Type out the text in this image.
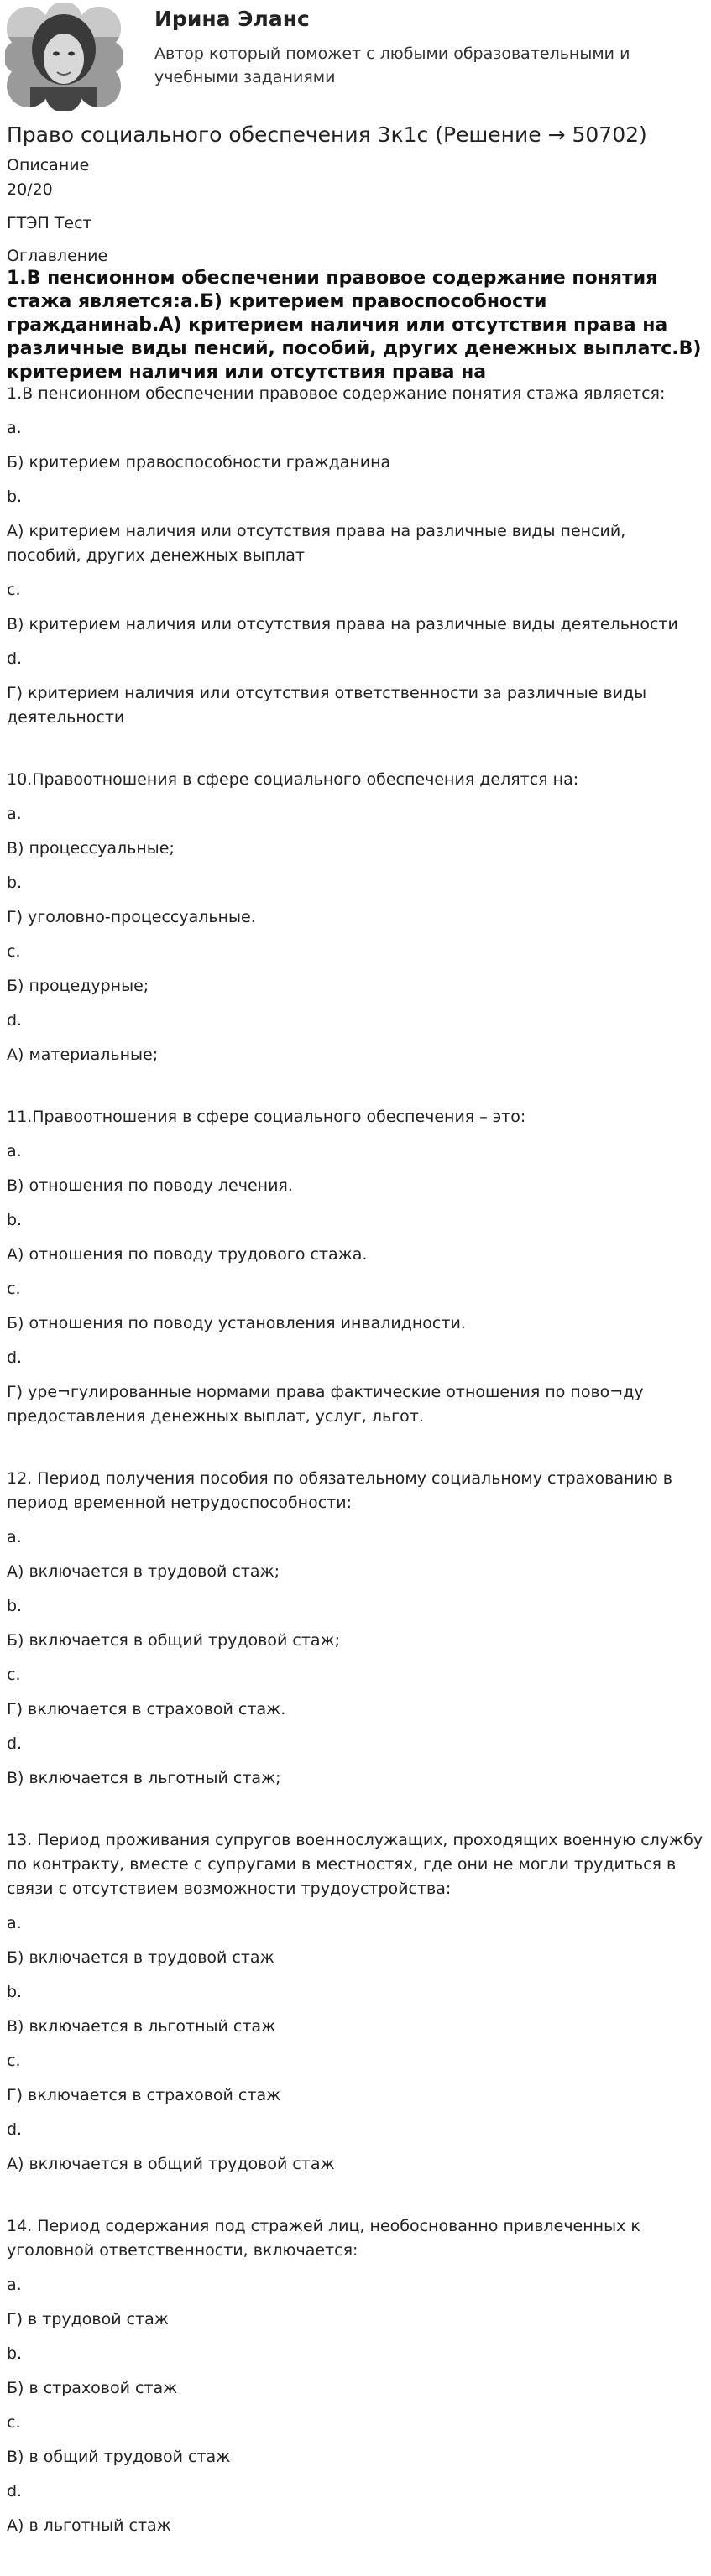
Ирина Эланс
Автор который поможет с любыми образовательными и учебными заданиями
Право социального обеспечения 3к1с (Решение → 50702)
Описание
20/20
ГТЭП Тест
Оглавление
1.В пенсионном обеспечении правовое содержание понятия стажа является:a.Б) критерием правоспособности гражданинаb.А) критерием наличия или отсутствия права на различные виды пенсий, пособий, других денежных выплатс.В) критерием наличия или отсутствия права на

1.В пенсионном обеспечении правовое содержание понятия стажа является:

a.

Б) критерием правоспособности гражданина

b.

А) критерием наличия или отсутствия права на различные виды пенсий, пособий, других денежных выплат

c.

В) критерием наличия или отсутствия права на различные виды деятельности

d.

Г) критерием наличия или отсутствия ответственности за различные виды деятельности

10.Правоотношения в сфере социального обеспечения делятся на:

a.

В) процессуальные;

b.

Г) уголовно-процессуальные.

c.

Б) процедурные;

d.

А) материальные;

11.Правоотношения в сфере социального обеспечения – это:

a.

В) отношения по поводу лечения.

b.

А) отношения по поводу трудового стажа.

c.

Б) отношения по поводу установления инвалидности.

d.

Г) уре¬гулированные нормами права фактические отношения по пово¬ду предоставления денежных выплат, услуг, льгот.

12. Период получения пособия по обязательному социальному страхованию в период временной нетрудоспособности:

a.

А) включается в трудовой стаж;

b.

Б) включается в общий трудовой стаж;

c.

Г) включается в страховой стаж.

d.

В) включается в льготный стаж;

13. Период проживания супругов военнослужащих, проходящих военную службу по контракту, вместе с супругами в местностях, где они не могли трудиться в связи с отсутствием возможности трудоустройства:

a.

Б) включается в трудовой стаж

b.

В) включается в льготный стаж

c.

Г) включается в страховой стаж

d.

А) включается в общий трудовой стаж

14. Период содержания под стражей лиц, необоснованно привлеченных к уголовной ответственности, включается:

a.

Г) в трудовой стаж

b.

Б) в страховой стаж

c.

В) в общий трудовой стаж

d.

А) в льготный стаж
